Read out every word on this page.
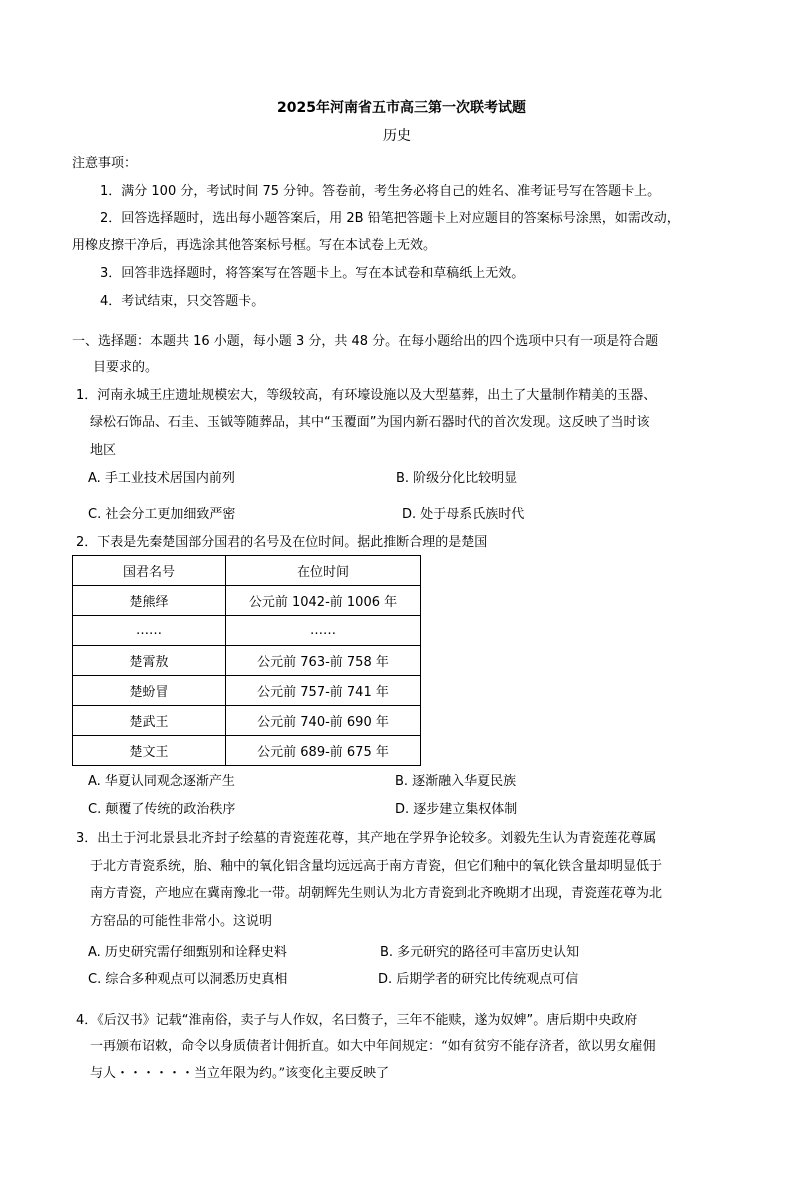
2025年河南省五市高三第一次联考试题
历史
注意事项：
1．满分 100 分，考试时间 75 分钟。答卷前，考生务必将自己的姓名、准考证号写在答题卡上。
2．回答选择题时，选出每小题答案后，用 2B 铅笔把答题卡上对应题目的答案标号涂黑，如需改动，
用橡皮擦干净后，再选涂其他答案标号框。写在本试卷上无效。
3．回答非选择题时，将答案写在答题卡上。写在本试卷和草稿纸上无效。
4．考试结束，只交答题卡。
一、选择题：本题共 16 小题，每小题 3 分，共 48 分。在每小题给出的四个选项中只有一项是符合题
目要求的。
1．河南永城王庄遗址规模宏大，等级较高，有环壕设施以及大型墓葬，出土了大量制作精美的玉器、
绿松石饰品、石圭、玉钺等随葬品，其中“玉覆面”为国内新石器时代的首次发现。这反映了当时该
地区
A. 手工业技术居国内前列	B. 阶级分化比较明显
C. 社会分工更加细致严密	D. 处于母系氏族时代
2．下表是先秦楚国部分国君的名号及在位时间。据此推断合理的是楚国
国君名号	在位时间
楚熊绎	公元前 1042-前 1006 年
……	……
楚霄敖	公元前 763-前 758 年
楚蚡冒	公元前 757-前 741 年
楚武王	公元前 740-前 690 年
楚文王	公元前 689-前 675 年
A. 华夏认同观念逐渐产生	B. 逐渐融入华夏民族
C. 颠覆了传统的政治秩序	D. 逐步建立集权体制
3．出土于河北景县北齐封子绘墓的青瓷莲花尊，其产地在学界争论较多。刘毅先生认为青瓷莲花尊属
于北方青瓷系统，胎、釉中的氧化铝含量均远远高于南方青瓷，但它们釉中的氧化铁含量却明显低于
南方青瓷，产地应在冀南豫北一带。胡朝辉先生则认为北方青瓷到北齐晚期才出现，青瓷莲花尊为北
方窑品的可能性非常小。这说明
A. 历史研究需仔细甄别和诠释史料	B. 多元研究的路径可丰富历史认知
C. 综合多种观点可以洞悉历史真相	D. 后期学者的研究比传统观点可信
4．《后汉书》记载“淮南俗，卖子与人作奴，名曰赘子，三年不能赎，遂为奴婢”。唐后期中央政府
一再颁布诏敕，命令以身质债者计佣折直。如大中年间规定：“如有贫穷不能存济者，欲以男女雇佣
与人・・・・・・当立年限为约。”该变化主要反映了
